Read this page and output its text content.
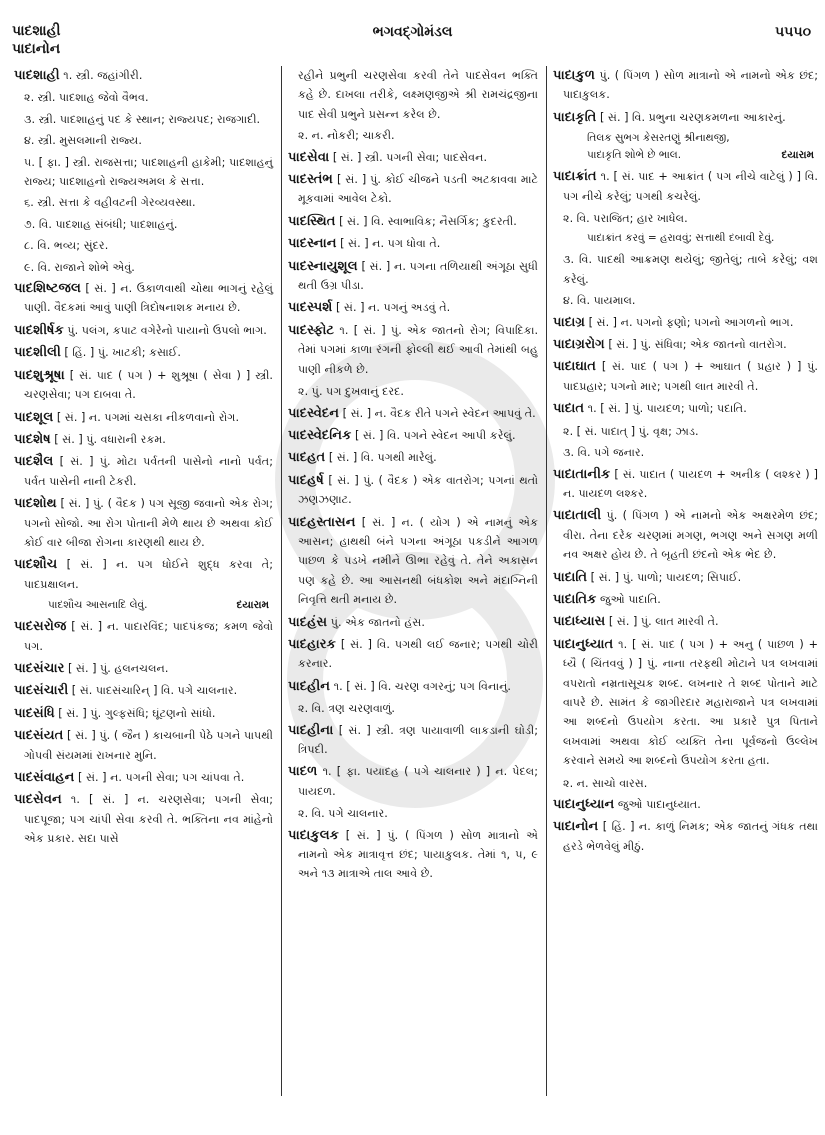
પાદશાહી
પાદાનોન
ભગવદ્ગોમંડલ	૫૫૫૦
પાદશાહી ૧. સ્ત્રી. જહાંગીરી.
૨. સ્ત્રી. પાદશાહ જેવો વૈભવ.
૩. સ્ત્રી. પાદશાહનું પદ કે સ્થાન; રાજ્યપદ; રાજગાદી.
૪. સ્ત્રી. મુસલમાની રાજ્ય.
૫. [ ફા. ] સ્ત્રી. રાજસત્તા; પાદશાહની હાકેમી; પાદશાહનું રાજ્ય; પાદશાહનો રાજ્યઅમલ કે સત્તા.
૬. સ્ત્રી. સત્તા કે વહીવટની ગેરવ્યવસ્થા.
૭. વિ. પાદશાહ સંબંધી; પાદશાહનું.
૮. વિ. ભવ્ય; સુંદર.
૯. વિ. રાજાને શોભે એવું.
પાદશિષ્ટજલ [ સં. ] ન. ઉકાળવાથી ચોથા ભાગનું રહેલું પાણી. વૈદકમાં આવું પાણી ત્રિદોષનાશક મનાય છે.
પાદશીર્ષક પું. પલંગ, કપાટ વગેરેનો પાયાનો ઉપલો ભાગ.
પાદશીલી [ હિં. ] પું. ખાટકી; કસાઈ.
પાદશુશ્રૂષા [ સં. પાદ ( પગ ) + શુશ્રૂષા ( સેવા ) ] સ્ત્રી. ચરણસેવા; પગ દાબવા તે.
પાદશૂલ [ સં. ] ન. પગમાં ચસકા નીકળવાનો રોગ.
પાદશેષ [ સં. ] પું. વધારાની રકમ.
પાદશૈલ [ સં. ] પું. મોટા પર્વતની પાસેનો નાનો પર્વત; પર્વત પાસેની નાની ટેકરી.
પાદશોથ [ સં. ] પું. ( વૈદક ) પગ સૂજી જવાનો એક રોગ; પગનો સોજો. આ રોગ પોતાની મેળે થાય છે અથવા કોઈ કોઈ વાર બીજા રોગના કારણથી થાય છે.
પાદશૌચ [ સં. ] ન. પગ ધોઈને શુદ્ધ કરવા તે; પાદપ્રક્ષાલન.
દયારામ
પાદશૌચ આસનાદિ લેવું.
પાદસરોજ [ સં. ] ન. પાદારવિંદ; પાદપંકજ; કમળ જેવો પગ.
પાદસંચાર [ સં. ] પું. હલનચલન.
પાદસંચારી [ સં. પાદસંચારિન્ ] વિ. પગે ચાલનાર.
પાદસંધિ [ સં. ] પું. ગુલ્ફસંધિ; ઘૂંટણનો સાંધો.
પાદસંયત [ સં. ] પું. ( જૈન ) કાચબાની પેઠે પગને પાપથી ગોપવી સંયમમાં રાખનાર મુનિ.
પાદસંવાહન [ સં. ] ન. પગની સેવા; પગ ચાંપવા તે.
પાદસેવન ૧. [ સં. ] ન. ચરણસેવા; પગની સેવા; પાદપૂજા; પગ ચાંપી સેવા કરવી તે. ભક્તિના નવ માંહેનો એક પ્રકાર. સદા પાસે
રહીને પ્રભુની ચરણસેવા કરવી તેને પાદસેવન ભક્તિ કહે છે. દાખલા તરીકે, લક્ષ્મણજીએ શ્રી રામચંદ્રજીના પાદ સેવી પ્રભુને પ્રસન્ન કરેલ છે.
૨. ન. નોકરી; ચાકરી.
પાદસેવા [ સં. ] સ્ત્રી. પગની સેવા; પાદસેવન.
પાદસ્તંભ [ સં. ] પું. કોઈ ચીજને પડતી અટકાવવા માટે મૂકવામાં આવેલ ટેકો.
પાદસ્થિત [ સં. ] વિ. સ્વાભાવિક; નૈસર્ગિક; કુદરતી.
પાદસ્નાન [ સં. ] ન. પગ ધોવા તે.
પાદસ્નાયુશૂલ [ સં. ] ન. પગના તળિયાથી અંગૂઠા સુધી થતી ઉગ્ર પીડા.
પાદસ્પર્શ [ સં. ] ન. પગનું અડવું તે.
પાદસ્ફોટ ૧. [ સં. ] પું. એક જાતનો રોગ; વિપાદિકા. તેમાં પગમાં કાળા રંગની ફોલ્લી થઈ આવી તેમાંથી બહુ પાણી નીકળે છે.
૨. પું. પગ દુખવાનું દરદ.
પાદસ્વેદન [ સં. ] ન. વૈદક રીતે પગને સ્વેદન આપવું તે.
પાદસ્વેદનિક [ સં. ] વિ. પગને સ્વેદન આપી કરેલું.
પાદહત [ સં. ] વિ. પગથી મારેલું.
પાદહર્ષ [ સં. ] પું. ( વૈદક ) એક વાતરોગ; પગનાં થતો ઝણઝણાટ.
પાદહસ્તાસન [ સં. ] ન. ( યોગ ) એ નામનું એક આસન; હાથથી બંને પગના અંગૂઠા પકડીને આગળ પાછળ કે પડખે નમીને ઊભા રહેવું તે. તેને અકાસન પણ કહે છે. આ આસનથી બંધકોશ અને મંદાગ્નિની નિવૃત્તિ થતી મનાય છે.
પાદહંસ પું. એક જાતનો હંસ.
પાદહારક [ સં. ] વિ. પગથી લઈ જનાર; પગથી ચોરી કરનાર.
પાદહીન ૧. [ સં. ] વિ. ચરણ વગરનું; પગ વિનાનું.
૨. વિ. ત્રણ ચરણવાળું.
પાદહીના [ સં. ] સ્ત્રી. ત્રણ પાયાવાળી લાકડાની ઘોડી; ત્રિપદી.
પાદળ ૧. [ ફા. પયાદહ ( પગે ચાલનાર ) ] ન. પેદલ; પાયદળ.
૨. વિ. પગે ચાલનાર.
પાદાકુલક [ સં. ] પું. ( પિંગળ ) સોળ માત્રાનો એ નામનો એક માત્રાવૃત્ત છંદ; પાયાકુલક. તેમાં ૧, ૫, ૯ અને ૧૩ માત્રાએ તાલ આવે છે.
પાદાકુળ પું. ( પિંગળ ) સોળ માત્રાનો એ નામનો એક છંદ; પાદાકુલક.
પાદાકૃતિ [ સં. ] વિ. પ્રભુના ચરણકમળના આકારનું.
તિલક સુભગ કેસરતણું શ્રીનાથજી,
દયારામ
પાદાકૃતિ શોભે છે ભાલ.
પાદાક્રાંત ૧. [ સં. પાદ + આક્રાંત ( પગ નીચે વાટેલું ) ] વિ. પગ નીચે કરેલું; પગથી કચરેલું.
૨. વિ. પરાજિત; હાર ખાધેલ.
પાદાક્રાંત કરવું = હરાવવું; સત્તાથી દબાવી દેવું.
૩. વિ. પાદથી આક્રમણ થયેલું; જીતેલું; તાબે કરેલું; વશ કરેલું.
૪. વિ. પાયમાલ.
પાદાગ્ર [ સં. ] ન. પગનો ફણો; પગનો આગળનો ભાગ.
પાદાગ્રરોગ [ સં. ] પું. સંધિવા; એક જાતનો વાતરોગ.
પાદાઘાત [ સં. પાદ ( પગ ) + આઘાત ( પ્રહાર ) ] પું. પાદપ્રહાર; પગનો માર; પગથી લાત મારવી તે.
પાદાત ૧. [ સં. ] પું. પાયદળ; પાળો; પદાતિ.
૨. [ સં. પાદાત્ ] પું. વૃક્ષ; ઝાડ.
૩. વિ. પગે જનાર.
પાદાતાનીક [ સં. પાદાત ( પાયદળ + અનીક ( લશ્કર ) ] ન. પાયદળ લશ્કર.
પાદાતાલી પું. ( પિંગળ ) એ નામનો એક અક્ષરમેળ છંદ; વીરા. તેના દરેક ચરણમાં મગણ, ભગણ અને સગણ મળી નવ અક્ષર હોય છે. તે બૃહતી છંદનો એક ભેદ છે.
પાદાતિ [ સં. ] પું. પાળો; પાયદળ; સિપાઈ.
પાદાતિક જુઓ પાદાતિ.
પાદાધ્યાસ [ સં. ] પું. લાત મારવી તે.
પાદાનુધ્યાત ૧. [ સં. પાદ ( પગ ) + અનુ ( પાછળ ) + ધ્યૈ ( ચિંતવવું ) ] પું. નાના તરફથી મોટાને પત્ર લખવામાં વપરાતો નમ્રતાસૂચક શબ્દ. લખનાર તે શબ્દ પોતાને માટે વાપરે છે. સામંત કે જાગીરદાર મહારાજાને પત્ર લખવામાં આ શબ્દનો ઉપયોગ કરતા. આ પ્રકારે પુત્ર પિતાને લખવામાં અથવા કોઈ વ્યક્તિ તેના પૂર્વજનો ઉલ્લેખ કરવાને સમયે આ શબ્દનો ઉપયોગ કરતા હતા.
૨. ન. સાચો વારસ.
પાદાનુધ્યાન જુઓ પાદાનુધ્યાત.
પાદાનોન [ હિં. ] ન. કાળું નિમક; એક જાતનું ગંધક તથા હરડે ભેળવેલું મીઠું.
